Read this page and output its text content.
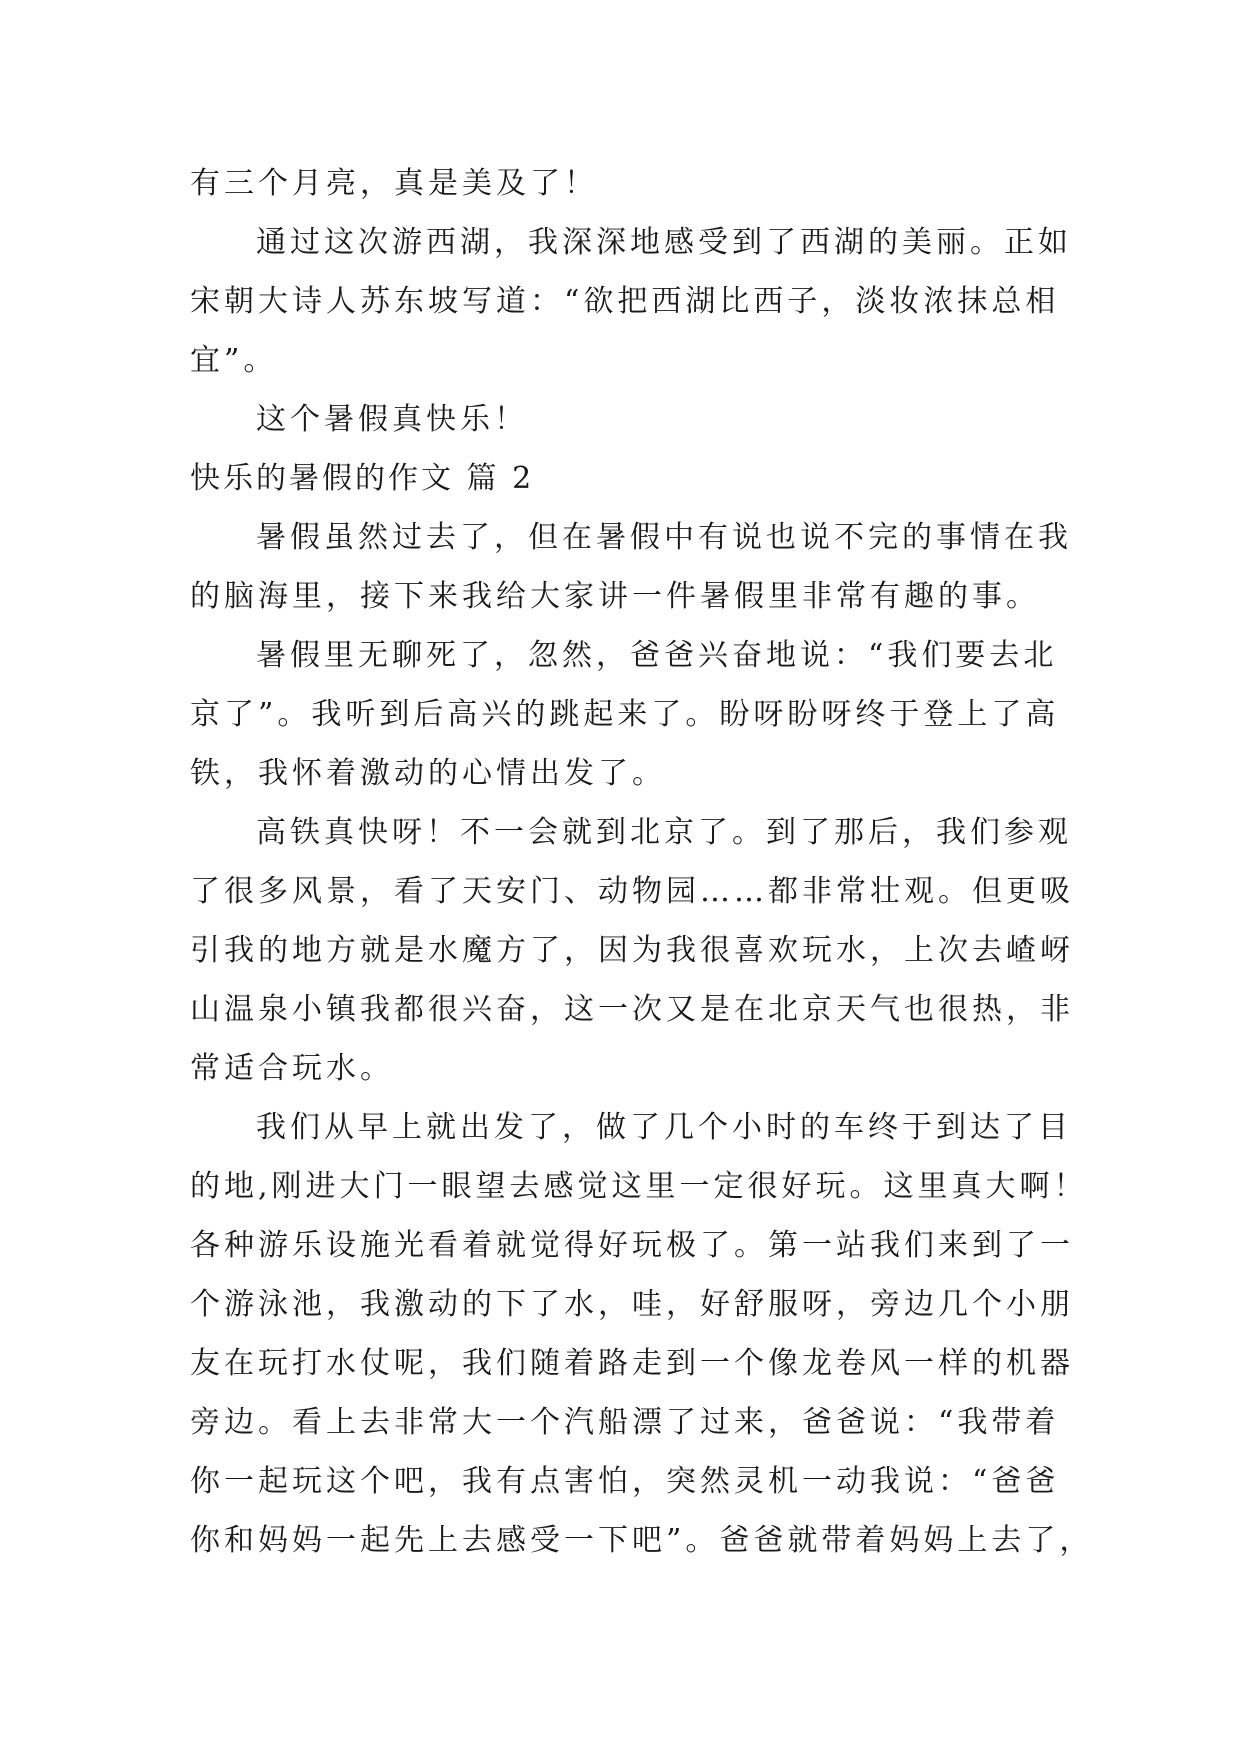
有三个月亮，真是美及了！
通过这次游西湖，我深深地感受到了西湖的美丽。正如
宋朝大诗人苏东坡写道：“欲把西湖比西子，淡妆浓抹总相
宜”。
这个暑假真快乐！
快乐的暑假的作文 篇 2
暑假虽然过去了，但在暑假中有说也说不完的事情在我
的脑海里，接下来我给大家讲一件暑假里非常有趣的事。
暑假里无聊死了，忽然，爸爸兴奋地说：“我们要去北
京了”。我听到后高兴的跳起来了。盼呀盼呀终于登上了高
铁，我怀着激动的心情出发了。
高铁真快呀！不一会就到北京了。到了那后，我们参观
了很多风景，看了天安门、动物园……都非常壮观。但更吸
引我的地方就是水魔方了，因为我很喜欢玩水，上次去嵖岈
山温泉小镇我都很兴奋，这一次又是在北京天气也很热，非
常适合玩水。
我们从早上就出发了，做了几个小时的车终于到达了目
的地,刚进大门一眼望去感觉这里一定很好玩。这里真大啊！
各种游乐设施光看着就觉得好玩极了。第一站我们来到了一
个游泳池，我激动的下了水，哇，好舒服呀，旁边几个小朋
友在玩打水仗呢，我们随着路走到一个像龙卷风一样的机器
旁边。看上去非常大一个汽船漂了过来，爸爸说：“我带着
你一起玩这个吧，我有点害怕，突然灵机一动我说：“爸爸
你和妈妈一起先上去感受一下吧”。爸爸就带着妈妈上去了，
